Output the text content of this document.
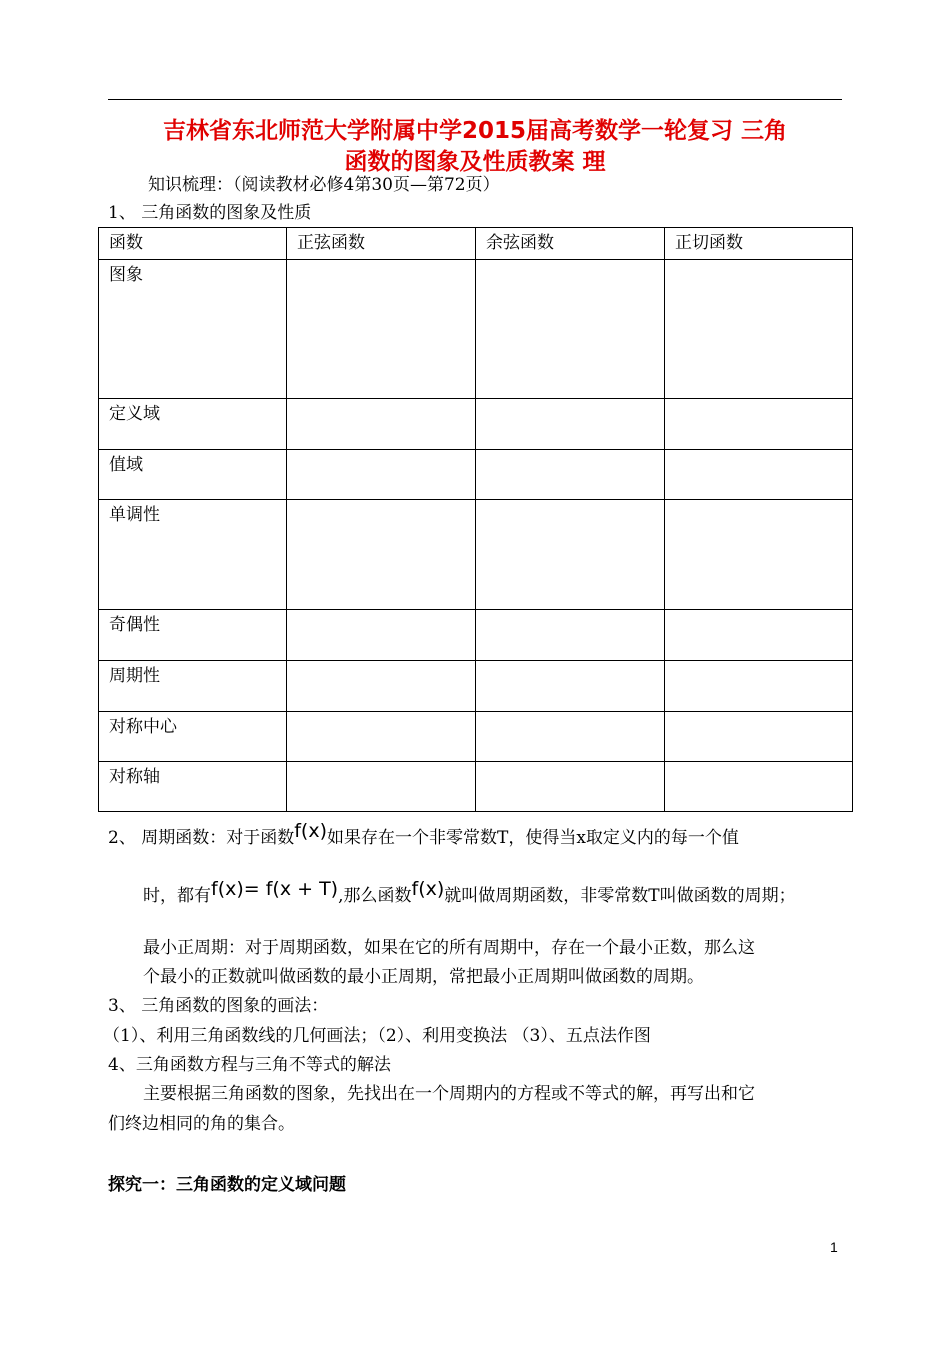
吉林省东北师范大学附属中学2015届高考数学一轮复习 三角
函数的图象及性质教案 理
知识梳理：（阅读教材必修4第30页—第72页）
1、 三角函数的图象及性质
函数	正弦函数	余弦函数	正切函数
图象			
定义域			
值域			
单调性			
奇偶性			
周期性			
对称中心			
对称轴			
2、 周期函数：对于函数f(x)如果存在一个非零常数T，使得当x取定义内的每一个值
时，都有f(x)= f(x + T),那么函数f(x)就叫做周期函数，非零常数T叫做函数的周期；
最小正周期：对于周期函数，如果在它的所有周期中，存在一个最小正数，那么这
个最小的正数就叫做函数的最小正周期，常把最小正周期叫做函数的周期。
3、 三角函数的图象的画法：
（1）、利用三角函数线的几何画法；（2）、利用变换法 （3）、五点法作图
4、三角函数方程与三角不等式的解法
主要根据三角函数的图象，先找出在一个周期内的方程或不等式的解，再写出和它
们终边相同的角的集合。
探究一：三角函数的定义域问题
1
